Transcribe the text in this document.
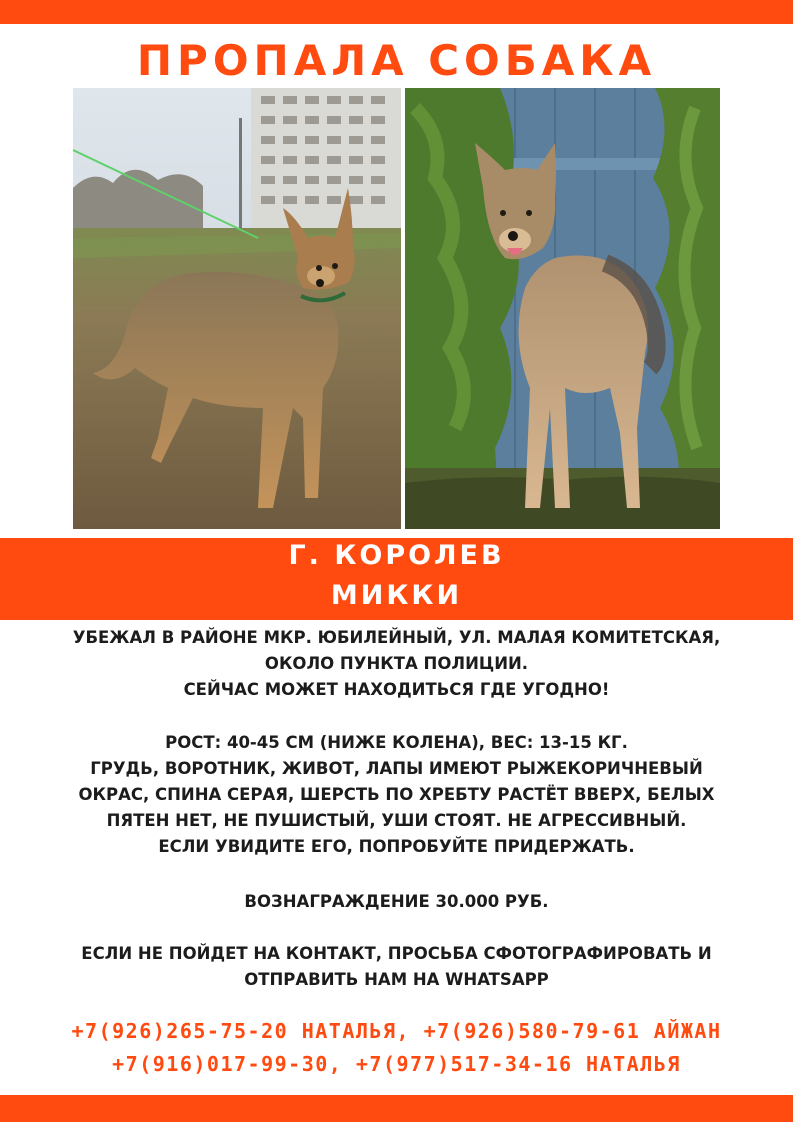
ПРОПАЛА СОБАКА
Г. КОРОЛЕВ
МИККИ
УБЕЖАЛ В РАЙОНЕ МКР. ЮБИЛЕЙНЫЙ, УЛ. МАЛАЯ КОМИТЕТСКАЯ,
ОКОЛО ПУНКТА ПОЛИЦИИ.
СЕЙЧАС МОЖЕТ НАХОДИТЬСЯ ГДЕ УГОДНО!
РОСТ: 40-45 СМ (НИЖЕ КОЛЕНА), ВЕС: 13-15 КГ.
ГРУДЬ, ВОРОТНИК, ЖИВОТ, ЛАПЫ ИМЕЮТ РЫЖЕКОРИЧНЕВЫЙ
ОКРАС, СПИНА СЕРАЯ, ШЕРСТЬ ПО ХРЕБТУ РАСТЁТ ВВЕРХ, БЕЛЫХ
ПЯТЕН НЕТ, НЕ ПУШИСТЫЙ, УШИ СТОЯТ. НЕ АГРЕССИВНЫЙ.
ЕСЛИ УВИДИТЕ ЕГО, ПОПРОБУЙТЕ ПРИДЕРЖАТЬ.
ВОЗНАГРАЖДЕНИЕ 30.000 РУБ.
ЕСЛИ НЕ ПОЙДЕТ НА КОНТАКТ, ПРОСЬБА СФОТОГРАФИРОВАТЬ И
ОТПРАВИТЬ НАМ НА WHATSAPP
+7(926)265-75-20 НАТАЛЬЯ, +7(926)580-79-61 АЙЖАН
+7(916)017-99-30, +7(977)517-34-16 НАТАЛЬЯ
